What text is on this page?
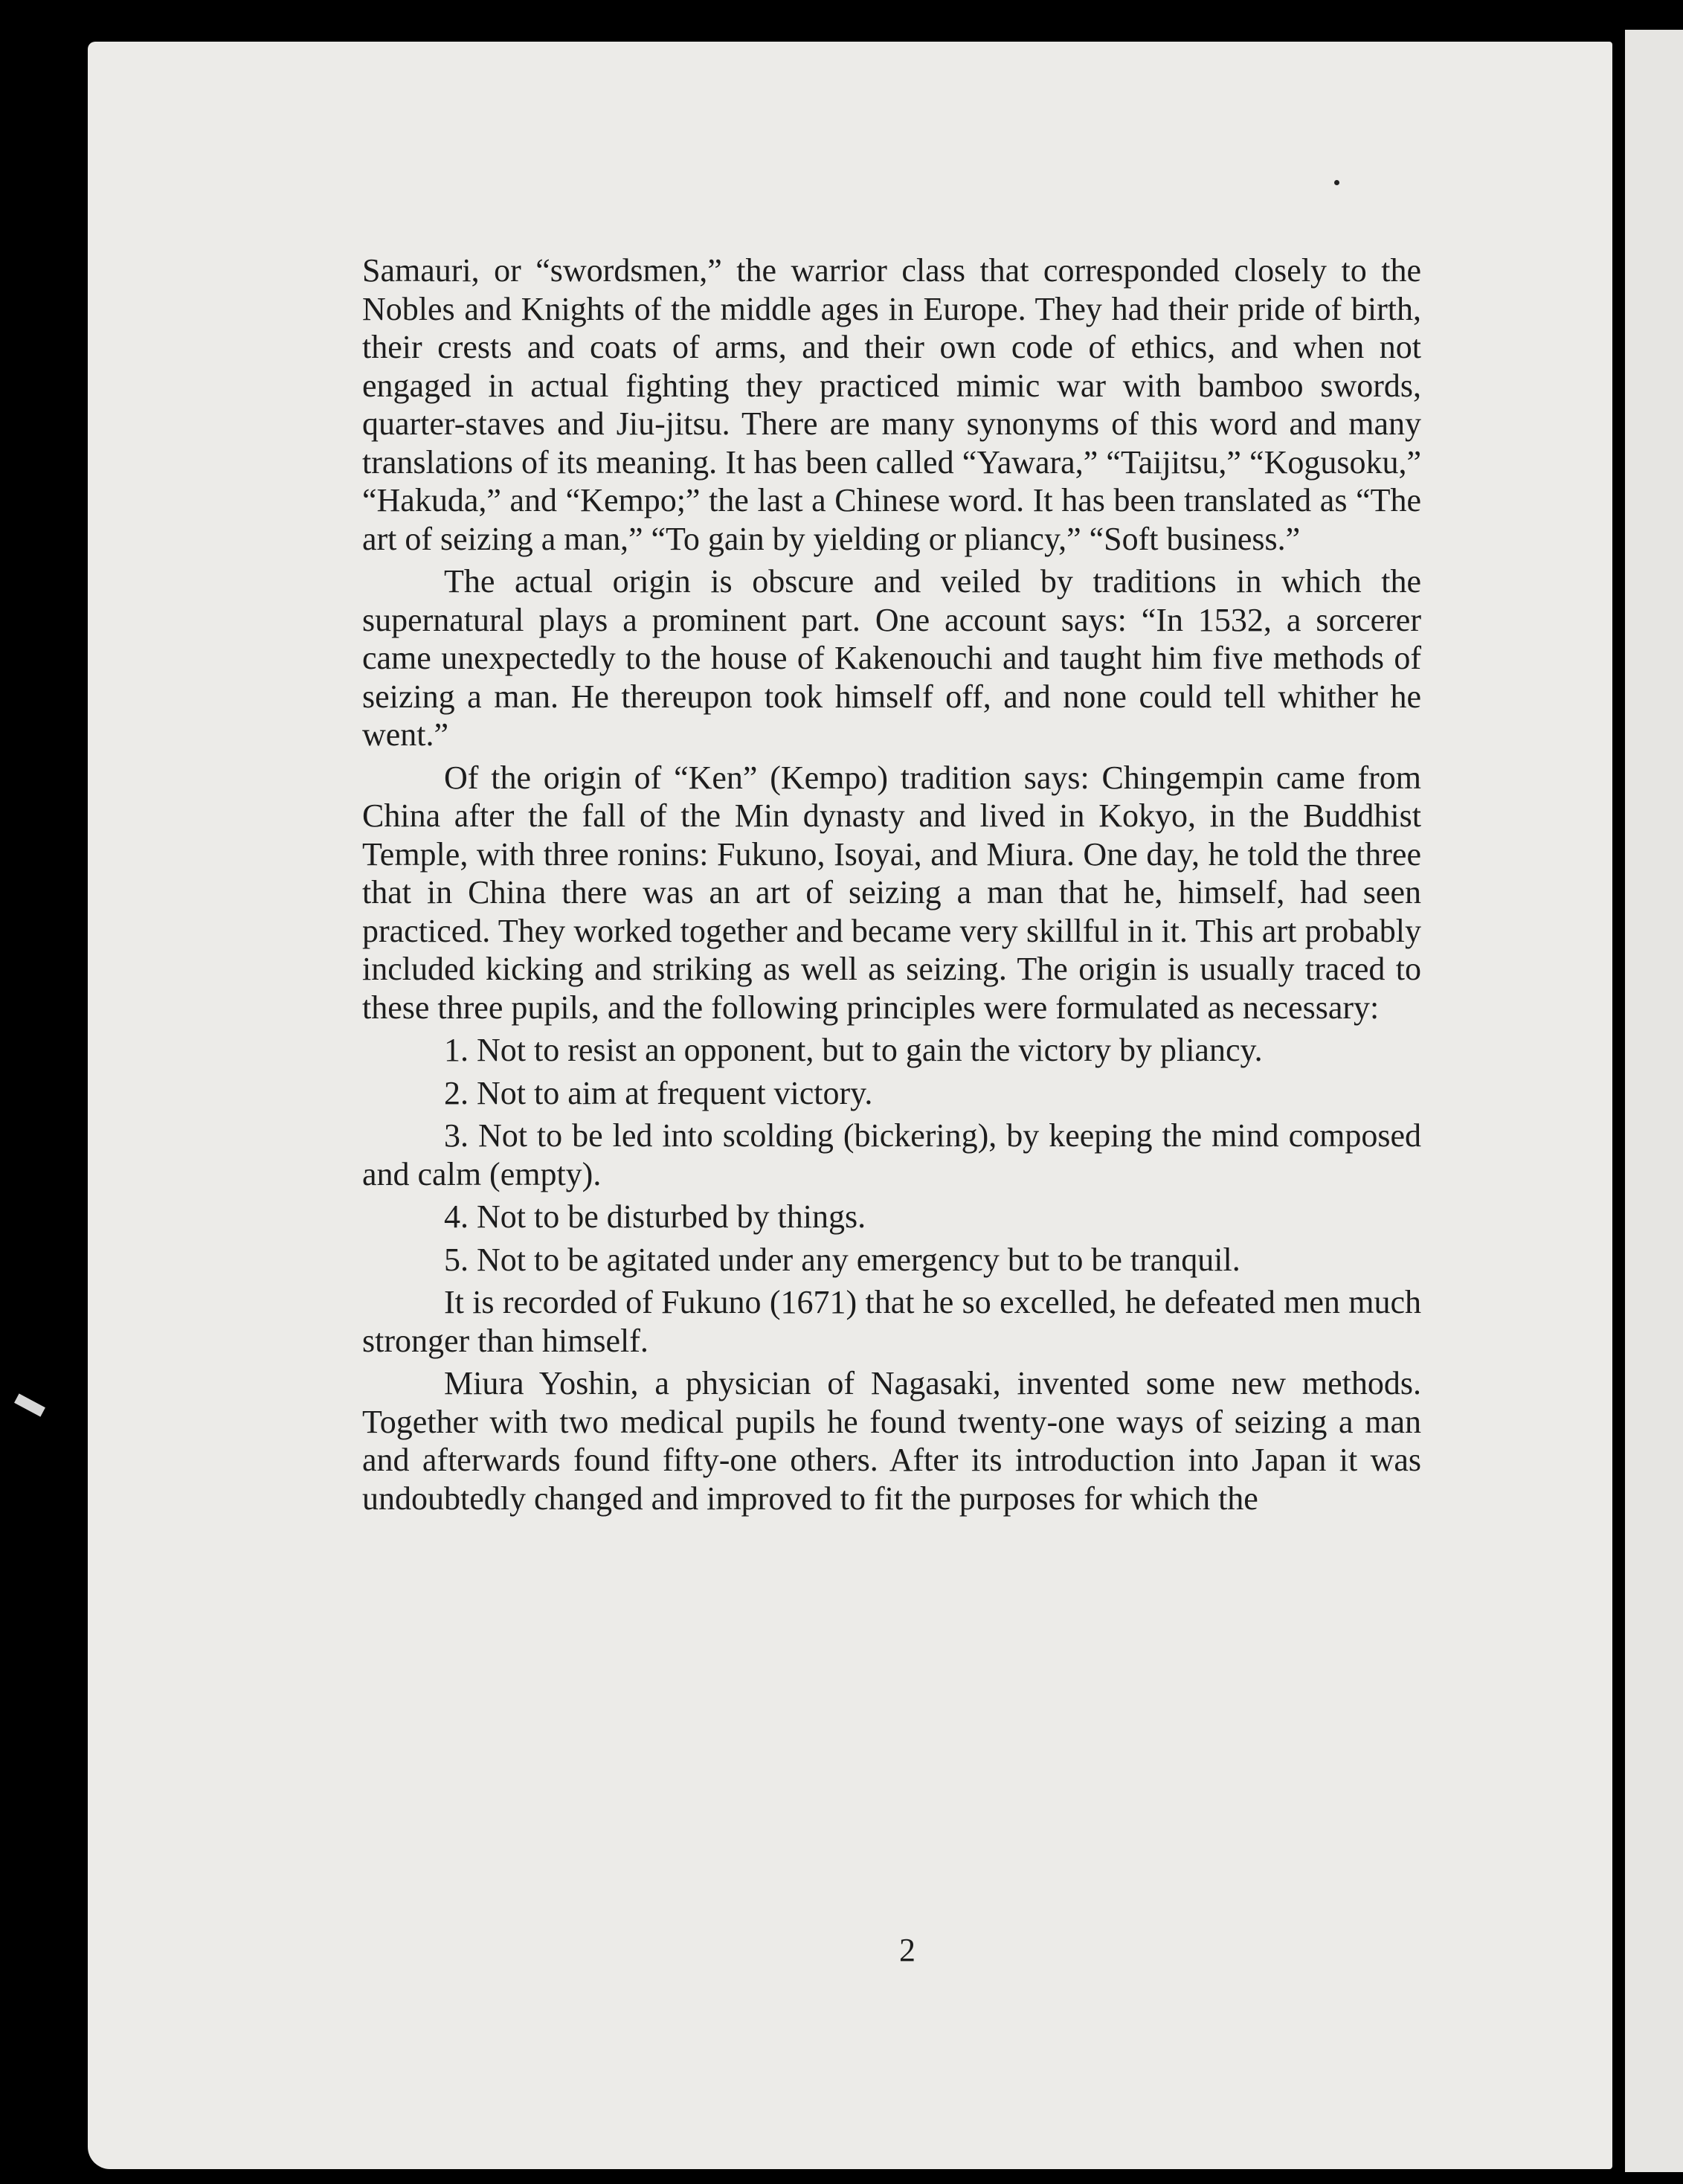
Samauri, or “swordsmen,” the warrior class that corresponded closely to the Nobles and Knights of the middle ages in Europe. They had their pride of birth, their crests and coats of arms, and their own code of ethics, and when not engaged in actual fighting they practiced mimic war with bamboo swords, quarter-staves and Jiu-jitsu. There are many synonyms of this word and many translations of its meaning. It has been called “Yawara,” “Taijitsu,” “Kogusoku,” “Hakuda,” and “Kempo;” the last a Chinese word. It has been translated as “The art of seizing a man,” “To gain by yielding or pliancy,” “Soft business.”

The actual origin is obscure and veiled by traditions in which the supernatural plays a prominent part. One account says: “In 1532, a sorcerer came unexpectedly to the house of Kakenouchi and taught him five methods of seizing a man. He thereupon took himself off, and none could tell whither he went.”

Of the origin of “Ken” (Kempo) tradition says: Chingempin came from China after the fall of the Min dynasty and lived in Kokyo, in the Buddhist Temple, with three ronins: Fukuno, Isoyai, and Miura. One day, he told the three that in China there was an art of seizing a man that he, himself, had seen practiced. They worked together and became very skillful in it. This art probably included kicking and striking as well as seizing. The origin is usually traced to these three pupils, and the following principles were formulated as necessary:

1. Not to resist an opponent, but to gain the victory by pliancy.

2. Not to aim at frequent victory.

3. Not to be led into scolding (bickering), by keeping the mind composed and calm (empty).

4. Not to be disturbed by things.

5. Not to be agitated under any emergency but to be tranquil.

It is recorded of Fukuno (1671) that he so excelled, he defeated men much stronger than himself.

Miura Yoshin, a physician of Nagasaki, invented some new methods. Together with two medical pupils he found twenty-one ways of seizing a man and afterwards found fifty-one others. After its introduction into Japan it was undoubtedly changed and improved to fit the purposes for which the

2
